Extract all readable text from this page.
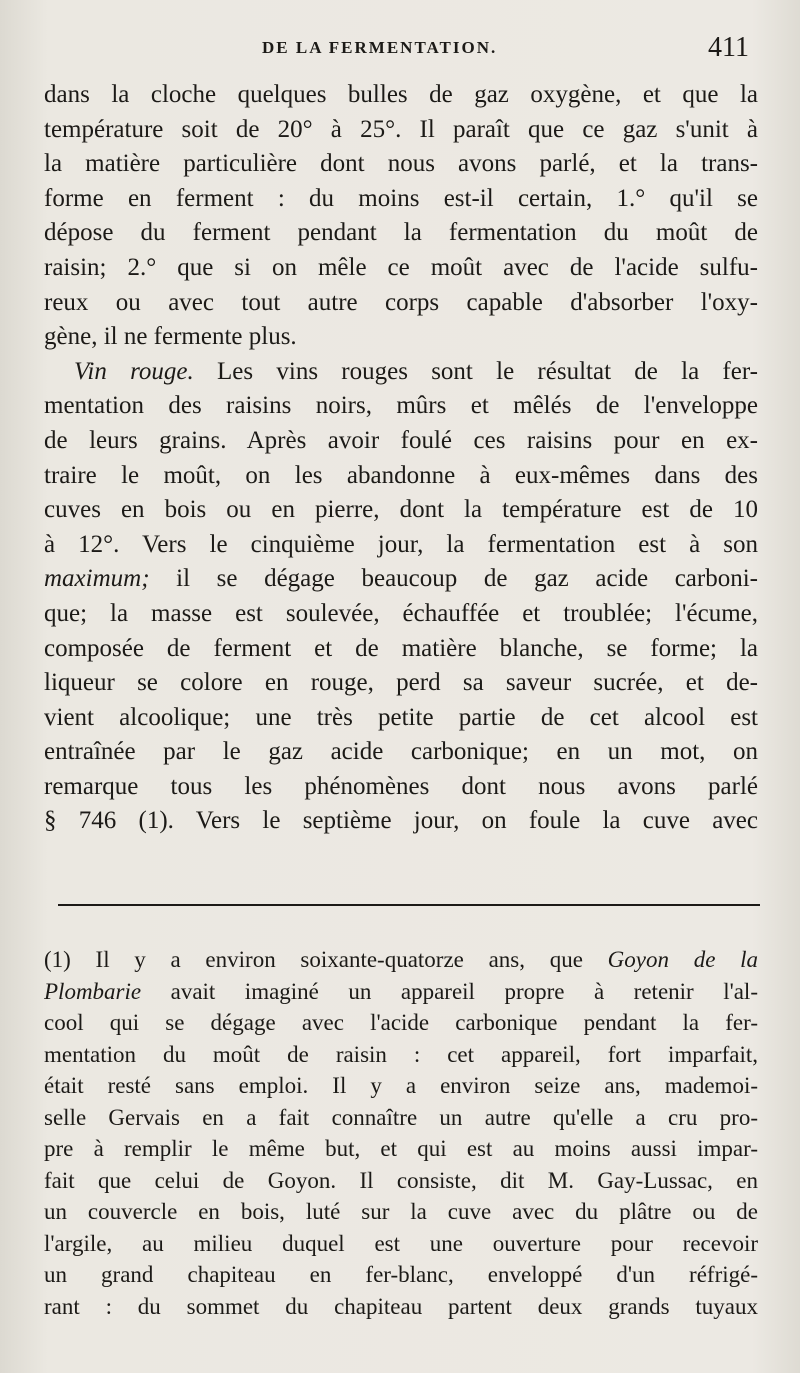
DE LA FERMENTATION.	411
dans la cloche quelques bulles de gaz oxygène, et que la
température soit de 20° à 25°. Il paraît que ce gaz s'unit à
la matière particulière dont nous avons parlé, et la trans-
forme en ferment : du moins est-il certain, 1.° qu'il se
dépose du ferment pendant la fermentation du moût de
raisin; 2.° que si on mêle ce moût avec de l'acide sulfu-
reux ou avec tout autre corps capable d'absorber l'oxy-
gène, il ne fermente plus.
Vin rouge. Les vins rouges sont le résultat de la fer-
mentation des raisins noirs, mûrs et mêlés de l'enveloppe
de leurs grains. Après avoir foulé ces raisins pour en ex-
traire le moût, on les abandonne à eux-mêmes dans des
cuves en bois ou en pierre, dont la température est de 10
à 12°. Vers le cinquième jour, la fermentation est à son
maximum; il se dégage beaucoup de gaz acide carboni-
que; la masse est soulevée, échauffée et troublée; l'écume,
composée de ferment et de matière blanche, se forme; la
liqueur se colore en rouge, perd sa saveur sucrée, et de-
vient alcoolique; une très petite partie de cet alcool est
entraînée par le gaz acide carbonique; en un mot, on
remarque tous les phénomènes dont nous avons parlé
§ 746 (1). Vers le septième jour, on foule la cuve avec
(1) Il y a environ soixante-quatorze ans, que Goyon de la
Plombarie avait imaginé un appareil propre à retenir l'al-
cool qui se dégage avec l'acide carbonique pendant la fer-
mentation du moût de raisin : cet appareil, fort imparfait,
était resté sans emploi. Il y a environ seize ans, mademoi-
selle Gervais en a fait connaître un autre qu'elle a cru pro-
pre à remplir le même but, et qui est au moins aussi impar-
fait que celui de Goyon. Il consiste, dit M. Gay-Lussac, en
un couvercle en bois, luté sur la cuve avec du plâtre ou de
l'argile, au milieu duquel est une ouverture pour recevoir
un grand chapiteau en fer-blanc, enveloppé d'un réfrigé-
rant : du sommet du chapiteau partent deux grands tuyaux
